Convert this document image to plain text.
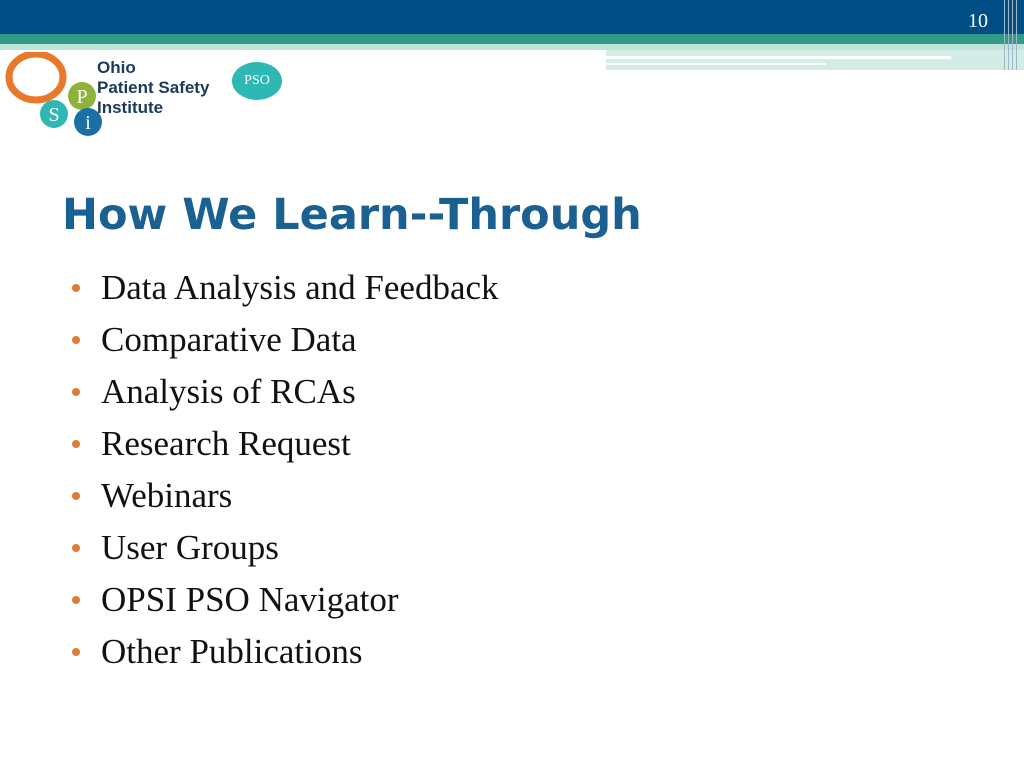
10
O
P
S i
PSO
Ohio
Patient Safety
Institute
How We Learn--Through
Data Analysis and Feedback
Comparative Data
Analysis of RCAs
Research Request
Webinars
User Groups
OPSI PSO Navigator
Other Publications
